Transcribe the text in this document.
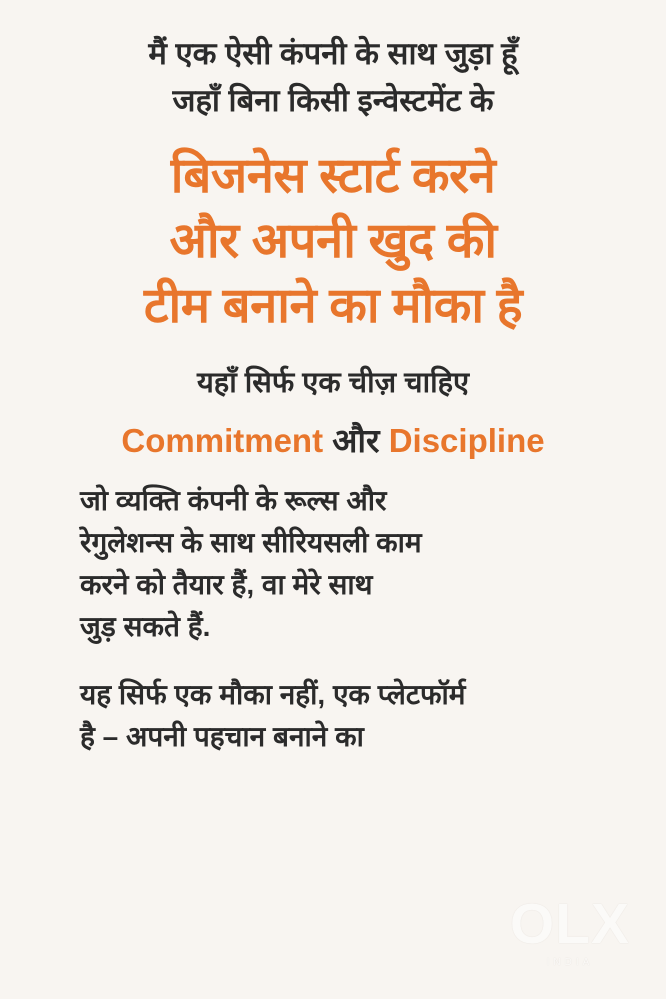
मैं एक ऐसी कंपनी के साथ जुड़ा हूँ
जहाँ बिना किसी इन्वेस्टमेंट के
बिजनेस स्टार्ट करने
और अपनी खुद की
टीम बनाने का मौका है
यहाँ सिर्फ एक चीज़ चाहिए
Commitment और Discipline
जो व्यक्ति कंपनी के रूल्स और
रेगुलेशन्स के साथ सीरियसली काम
करने को तैयार हैं, वा मेरे साथ
जुड़ सकते हैं.
यह सिर्फ एक मौका नहीं, एक प्लेटफॉर्म
है – अपनी पहचान बनाने का
OLX
INDIA
